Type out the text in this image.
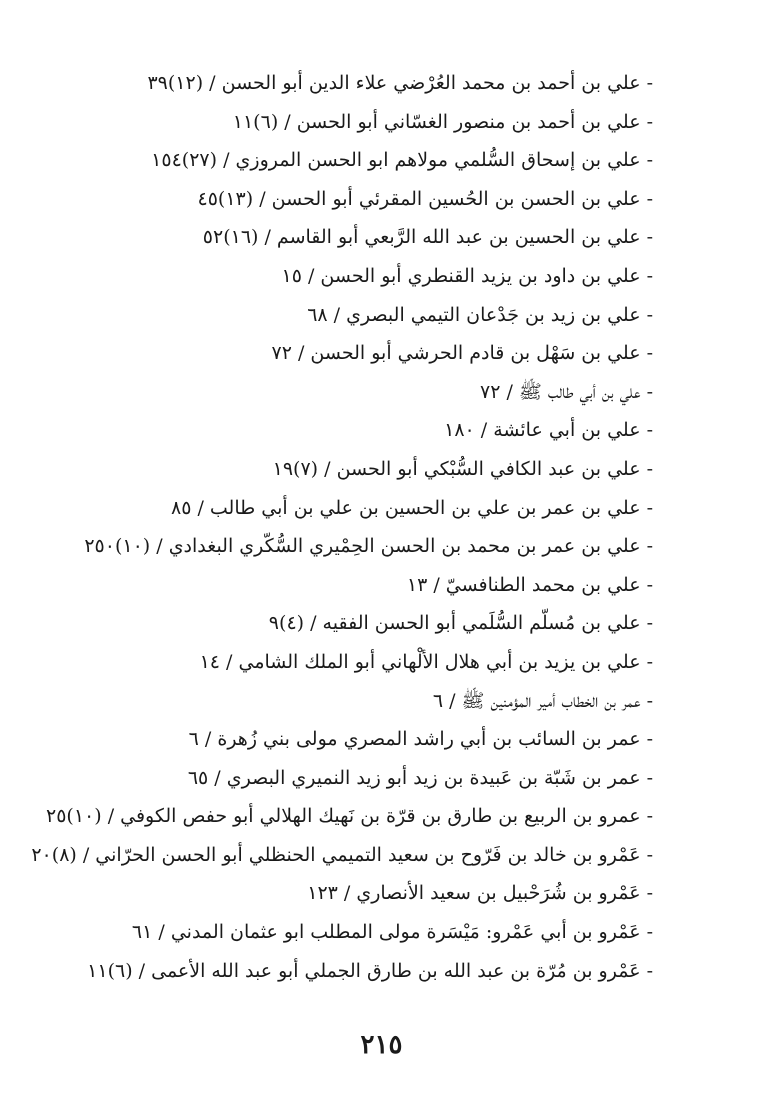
- علي بن أحمد بن محمد العُرْضي علاء الدين أبو الحسن / (١٢)٣٩
- علي بن أحمد بن منصور الغسّاني أبو الحسن / (٦)١١
- علي بن إسحاق السُّلمي مولاهم ابو الحسن المروزي / (٢٧)١٥٤
- علي بن الحسن بن الحُسين المقرئي أبو الحسن / (١٣)٤٥
- علي بن الحسين بن عبد الله الرَّبعي أبو القاسم / (١٦)٥٢
- علي بن داود بن يزيد القنطري أبو الحسن / ١٥
- علي بن زيد بن جَدْعان التيمي البصري / ٦٨
- علي بن سَهْل بن قادم الحرشي أبو الحسن / ٧٢
- علي بن أبي طالب ﷺ / ٧٢
- علي بن أبي عائشة / ١٨٠
- علي بن عبد الكافي السُّبْكي أبو الحسن / (٧)١٩
- علي بن عمر بن علي بن الحسين بن علي بن أبي طالب / ٨٥
- علي بن عمر بن محمد بن الحسن الحِمْيري السُّكّري البغدادي / (١٠)٢٥٠
- علي بن محمد الطنافسيّ / ١٣
- علي بن مُسلّم السُّلَمي أبو الحسن الفقيه / (٤)٩
- علي بن يزيد بن أبي هلال الألْهاني أبو الملك الشامي / ١٤
- عمر بن الخطاب أمير المؤمنين ﷺ / ٦
- عمر بن السائب بن أبي راشد المصري مولى بني زُهرة / ٦
- عمر بن شَبّة بن عَبيدة بن زيد أبو زيد النميري البصري / ٦٥
- عمرو بن الربيع بن طارق بن قرّة بن نَهيك الهلالي أبو حفص الكوفي / (١٠)٢٥
- عَمْرو بن خالد بن فَرّوح بن سعيد التميمي الحنظلي أبو الحسن الحرّاني / (٨)٢٠
- عَمْرو بن شُرَحْبيل بن سعيد الأنصاري / ١٢٣
- عَمْرو بن أبي عَمْرو: مَيْسَرة مولى المطلب ابو عثمان المدني / ٦١
- عَمْرو بن مُرّة بن عبد الله بن طارق الجملي أبو عبد الله الأعمى / (٦)١١
٢١٥
